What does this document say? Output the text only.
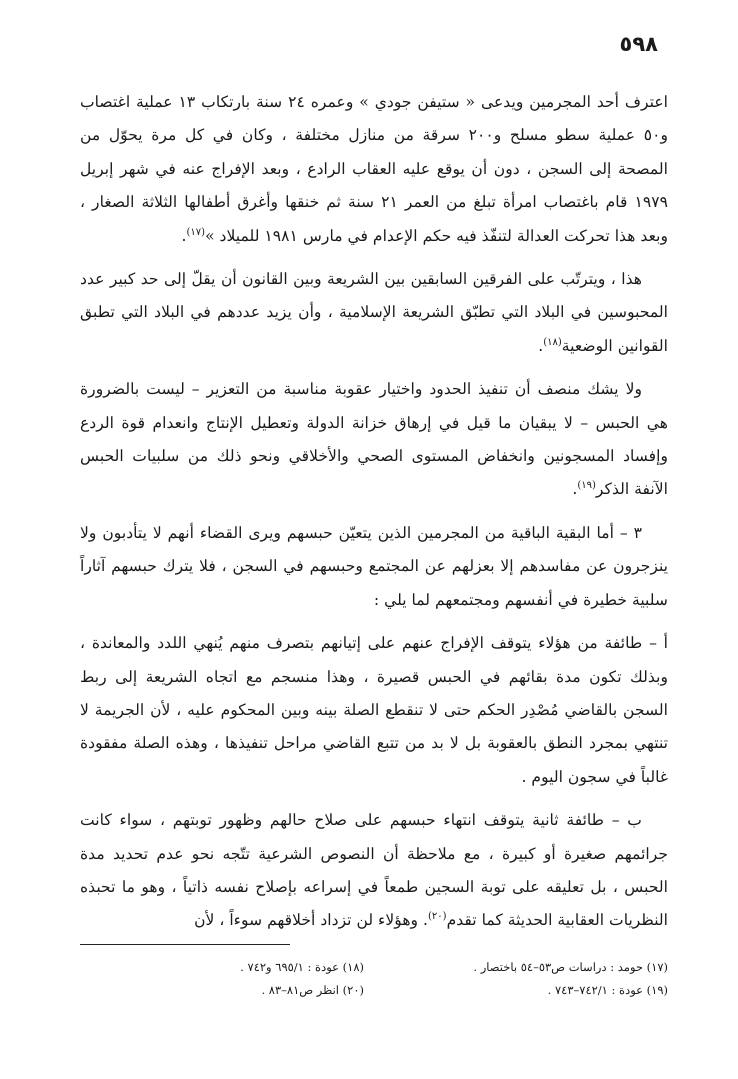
٥٩٨

اعترف أحد المجرمين ويدعى « ستيفن جودي » وعمره ٢٤ سنة بارتكاب ١٣ عملية اغتصاب و٥٠ عملية سطو مسلح و٢٠٠ سرقة من منازل مختلفة ، وكان في كل مرة يحوّل من المصحة إلى السجن ، دون أن يوقع عليه العقاب الرادع ، وبعد الإفراج عنه في شهر إبريل ١٩٧٩ قام باغتصاب امرأة تبلغ من العمر ٢١ سنة ثم خنقها وأغرق أطفالها الثلاثة الصغار ، وبعد هذا تحركت العدالة لتنفّذ فيه حكم الإعدام في مارس ١٩٨١ للميلاد »$^{(١٧)}$.

هذا ، ويترتّب على الفرقين السابقين بين الشريعة وبين القانون أن يقلّ إلى حد كبير عدد المحبوسين في البلاد التي تطبّق الشريعة الإسلامية ، وأن يزيد عددهم في البلاد التي تطبق القوانين الوضعية$^{(١٨)}$.

ولا يشك منصف أن تنفيذ الحدود واختيار عقوبة مناسبة من التعزير – ليست بالضرورة هي الحبس – لا يبقيان ما قيل في إرهاق خزانة الدولة وتعطيل الإنتاج وانعدام قوة الردع وإفساد المسجونين وانخفاض المستوى الصحي والأخلاقي ونحو ذلك من سلبيات الحبس الآنفة الذكر$^{(١٩)}$.

٣ – أما البقية الباقية من المجرمين الذين يتعيّن حبسهم ويرى القضاء أنهم لا يتأدبون ولا ينزجرون عن مفاسدهم إلا بعزلهم عن المجتمع وحبسهم في السجن ، فلا يترك حبسهم آثاراً سلبية خطيرة في أنفسهم ومجتمعهم لما يلي :

أ – طائفة من هؤلاء يتوقف الإفراج عنهم على إتيانهم بتصرف منهم يُنهي اللدد والمعاندة ، وبذلك تكون مدة بقائهم في الحبس قصيرة ، وهذا منسجم مع اتجاه الشريعة إلى ربط السجن بالقاضي مُصْدِر الحكم حتى لا تنقطع الصلة بينه وبين المحكوم عليه ، لأن الجريمة لا تنتهي بمجرد النطق بالعقوبة بل لا بد من تتبع القاضي مراحل تنفيذها ، وهذه الصلة مفقودة غالباً في سجون اليوم .

ب – طائفة ثانية يتوقف انتهاء حبسهم على صلاح حالهم وظهور توبتهم ، سواء كانت جرائمهم صغيرة أو كبيرة ، مع ملاحظة أن النصوص الشرعية تتّجه نحو عدم تحديد مدة الحبس ، بل تعليقه على توبة السجين طمعاً في إسراعه بإصلاح نفسه ذاتياً ، وهو ما تحبذه النظريات العقابية الحديثة كما تقدم$^{(٢٠)}$. وهؤلاء لن تزداد أخلاقهم سوءاً ، لأن

(١٧) حومد : دراسات ص٥٣–٥٤ باختصار .
(١٨) عودة : ٦٩٥/١ و٧٤٢ .
(١٩) عودة : ٧٤٢/١–٧٤٣ .
(٢٠) انظر ص٨١–٨٣ .
